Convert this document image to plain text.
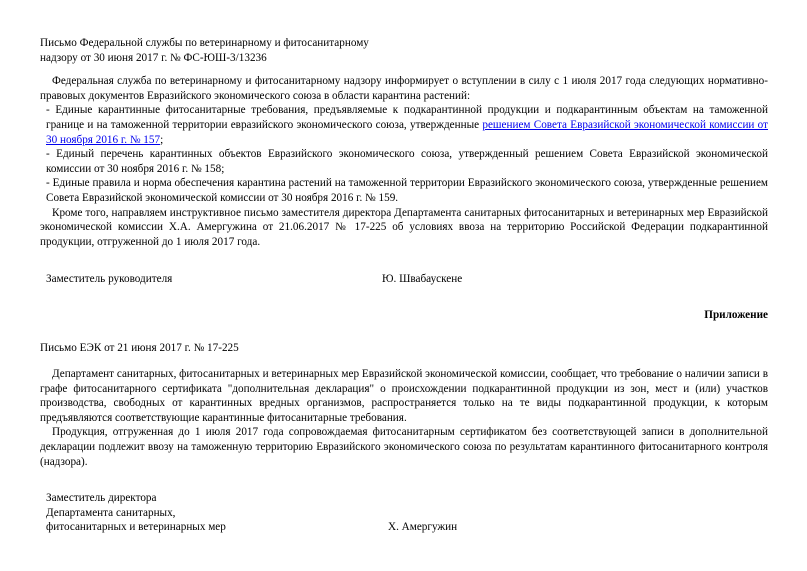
Письмо Федеральной службы по ветеринарному и фитосанитарному
надзору от 30 июня 2017 г. № ФС-ЮШ-3/13236

Федеральная служба по ветеринарному и фитосанитарному надзору информирует о вступлении в силу с 1 июля 2017 года следующих нормативно-правовых документов Евразийского экономического союза в области карантина растений:

- Единые карантинные фитосанитарные требования, предъявляемые к подкарантинной продукции и подкарантинным объектам на таможенной границе и на таможенной территории евразийского экономического союза, утвержденные решением Совета Евразийской экономической комиссии от 30 ноября 2016 г. № 157;

- Единый перечень карантинных объектов Евразийского экономического союза, утвержденный решением Совета Евразийской экономической комиссии от 30 ноября 2016 г. № 158;

- Единые правила и норма обеспечения карантина растений на таможенной территории Евразийского экономического союза, утвержденные решением Совета Евразийской экономической комиссии от 30 ноября 2016 г. № 159.

Кроме того, направляем инструктивное письмо заместителя директора Департамента санитарных фитосанитарных и ветеринарных мер Евразийской экономической комиссии Х.А. Амергужина от 21.06.2017 № 17-225 об условиях ввоза на территорию Российской Федерации подкарантинной продукции, отгруженной до 1 июля 2017 года.

Заместитель руководителя	Ю. Швабаускене
Приложение
Письмо ЕЭК от 21 июня 2017 г. № 17-225

Департамент санитарных, фитосанитарных и ветеринарных мер Евразийской экономической комиссии, сообщает, что требование о наличии записи в графе фитосанитарного сертификата "дополнительная декларация" о происхождении подкарантинной продукции из зон, мест и (или) участков производства, свободных от карантинных вредных организмов, распространяется только на те виды подкарантинной продукции, к которым предъявляются соответствующие карантинные фитосанитарные требования.

Продукция, отгруженная до 1 июля 2017 года сопровождаемая фитосанитарным сертификатом без соответствующей записи в дополнительной декларации подлежит ввозу на таможенную территорию Евразийского экономического союза по результатам карантинного фитосанитарного контроля (надзора).

Заместитель директора
Департамента санитарных,
фитосанитарных и ветеринарных мер	Х. Амергужин
